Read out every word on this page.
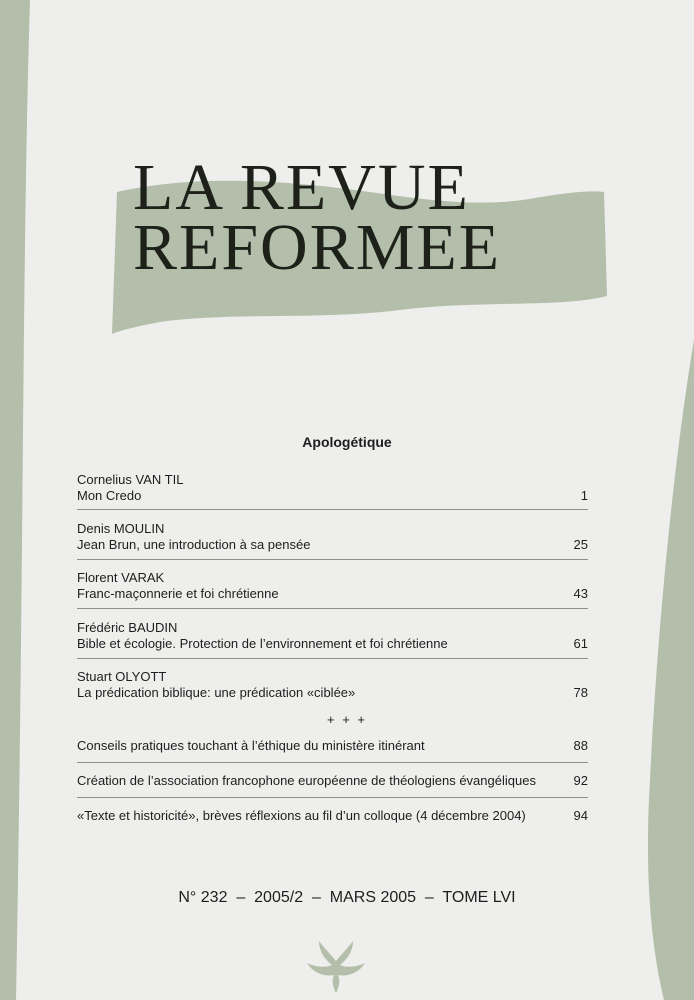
LA REVUE
REFORMEE
Apologétique
Cornelius VAN TIL
Mon Credo	1
Denis MOULIN
Jean Brun, une introduction à sa pensée	25
Florent VARAK
Franc-maçonnerie et foi chrétienne	43
Frédéric BAUDIN
Bible et écologie. Protection de l’environnement et foi chrétienne	61
Stuart OLYOTT
La prédication biblique: une prédication «ciblée»	78
+ + +
Conseils pratiques touchant à l’éthique du ministère itinérant	88
Création de l’association francophone européenne de théologiens évangéliques	92
«Texte et historicité», brèves réflexions au fil d’un colloque (4 décembre 2004)	94
N° 232  –  2005/2  –  MARS 2005  –  TOME LVI
